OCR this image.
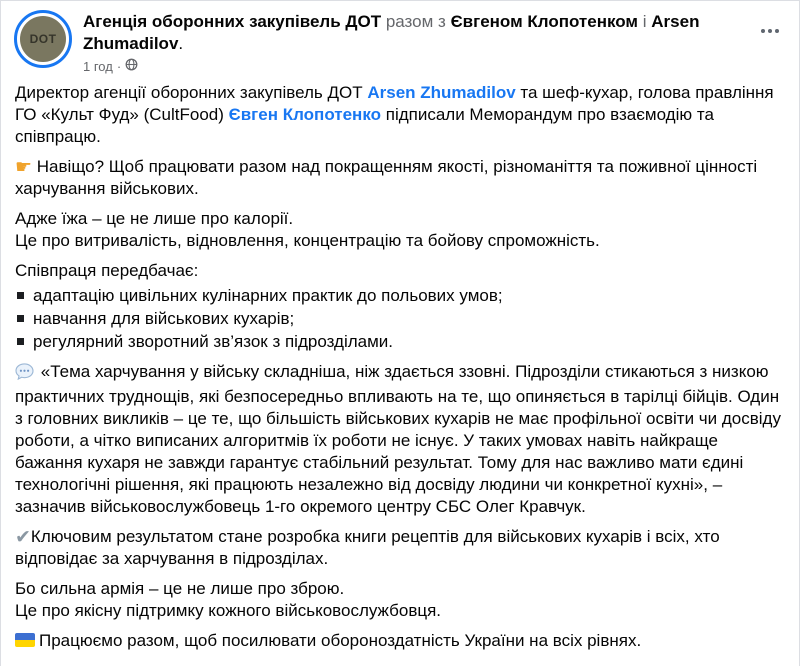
DOT
Агенція оборонних закупівель ДОТ разом з Євгеном Клопотенком і Arsen Zhumadilov.
1 год ·

Директор агенції оборонних закупівель ДОТ Arsen Zhumadilov та шеф-кухар, голова правління ГО «Культ Фуд» (CultFood) Євген Клопотенко підписали Меморандум про взаємодію та співпрацю.

☛ Навіщо? Щоб працювати разом над покращенням якості, різноманіття та поживної цінності харчування військових.

Адже їжа – це не лише про калорії.
Це про витривалість, відновлення, концентрацію та бойову спроможність.

Співпраця передбачає:

адаптацію цивільних кулінарних практик до польових умов;
навчання для військових кухарів;
регулярний зворотний зв’язок з підрозділами.

«Тема харчування у війську складніша, ніж здається ззовні. Підрозділи стикаються з низкою практичних труднощів, які безпосередньо впливають на те, що опиняється в тарілці бійців. Один з головних викликів – це те, що більшість військових кухарів не має профільної освіти чи досвіду роботи, а чітко виписаних алгоритмів їх роботи не існує. У таких умовах навіть найкраще бажання кухаря не завжди гарантує стабільний результат. Тому для нас важливо мати єдині технологічні рішення, які працюють незалежно від досвіду людини чи конкретної кухні», – зазначив військовослужбовець 1-го окремого центру СБС Олег Кравчук.

✔Ключовим результатом стане розробка книги рецептів для військових кухарів і всіх, хто відповідає за харчування в підрозділах.

Бо сильна армія – це не лише про зброю.
Це про якісну підтримку кожного військовослужбовця.

Працюємо разом, щоб посилювати обороноздатність України на всіх рівнях.
